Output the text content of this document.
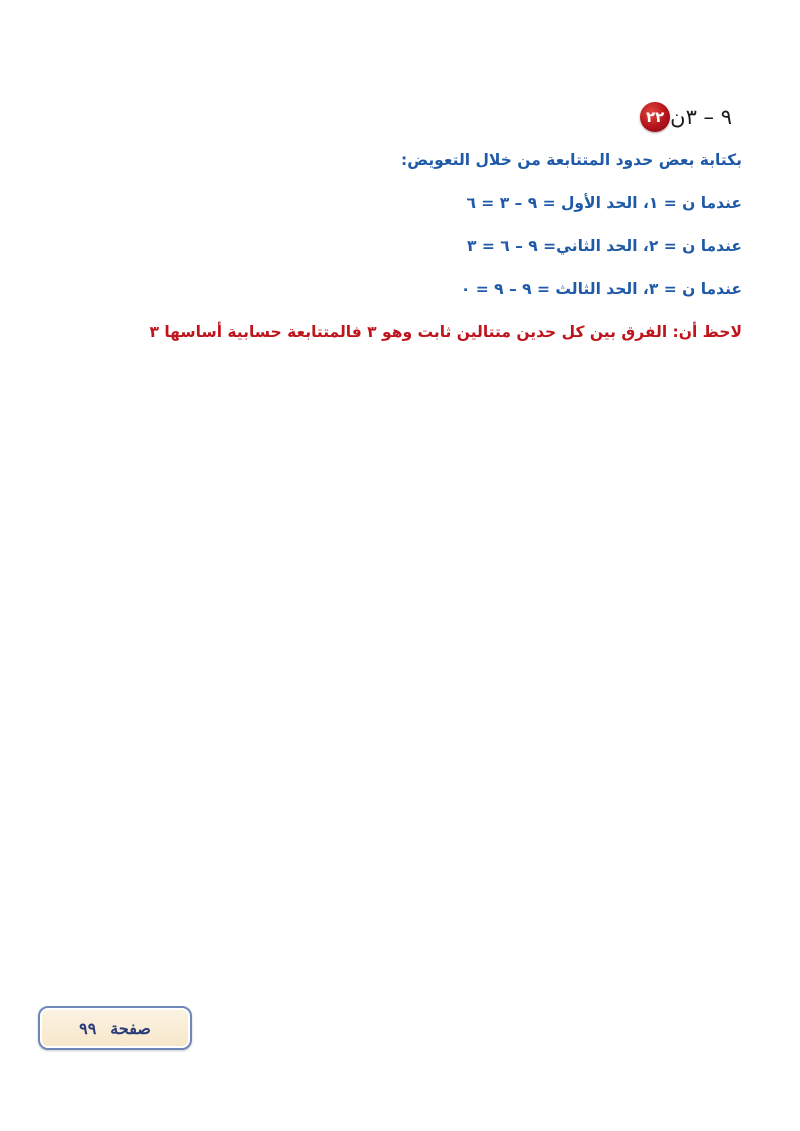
٢٢ ٩ – ٣ن
بكتابة بعض حدود المتتابعة من خلال التعويض:
عندما ن = ١، الحد الأول = ٩ – ٣ = ٦
عندما ن = ٢، الحد الثاني= ٩ – ٦ = ٣
عندما ن = ٣، الحد الثالث = ٩ – ٩ = ٠
لاحظ أن: الفرق بين كل حدين متتالين ثابت وهو ٣ فالمتتابعة حسابية أساسها ٣
صفحة
٩٩
